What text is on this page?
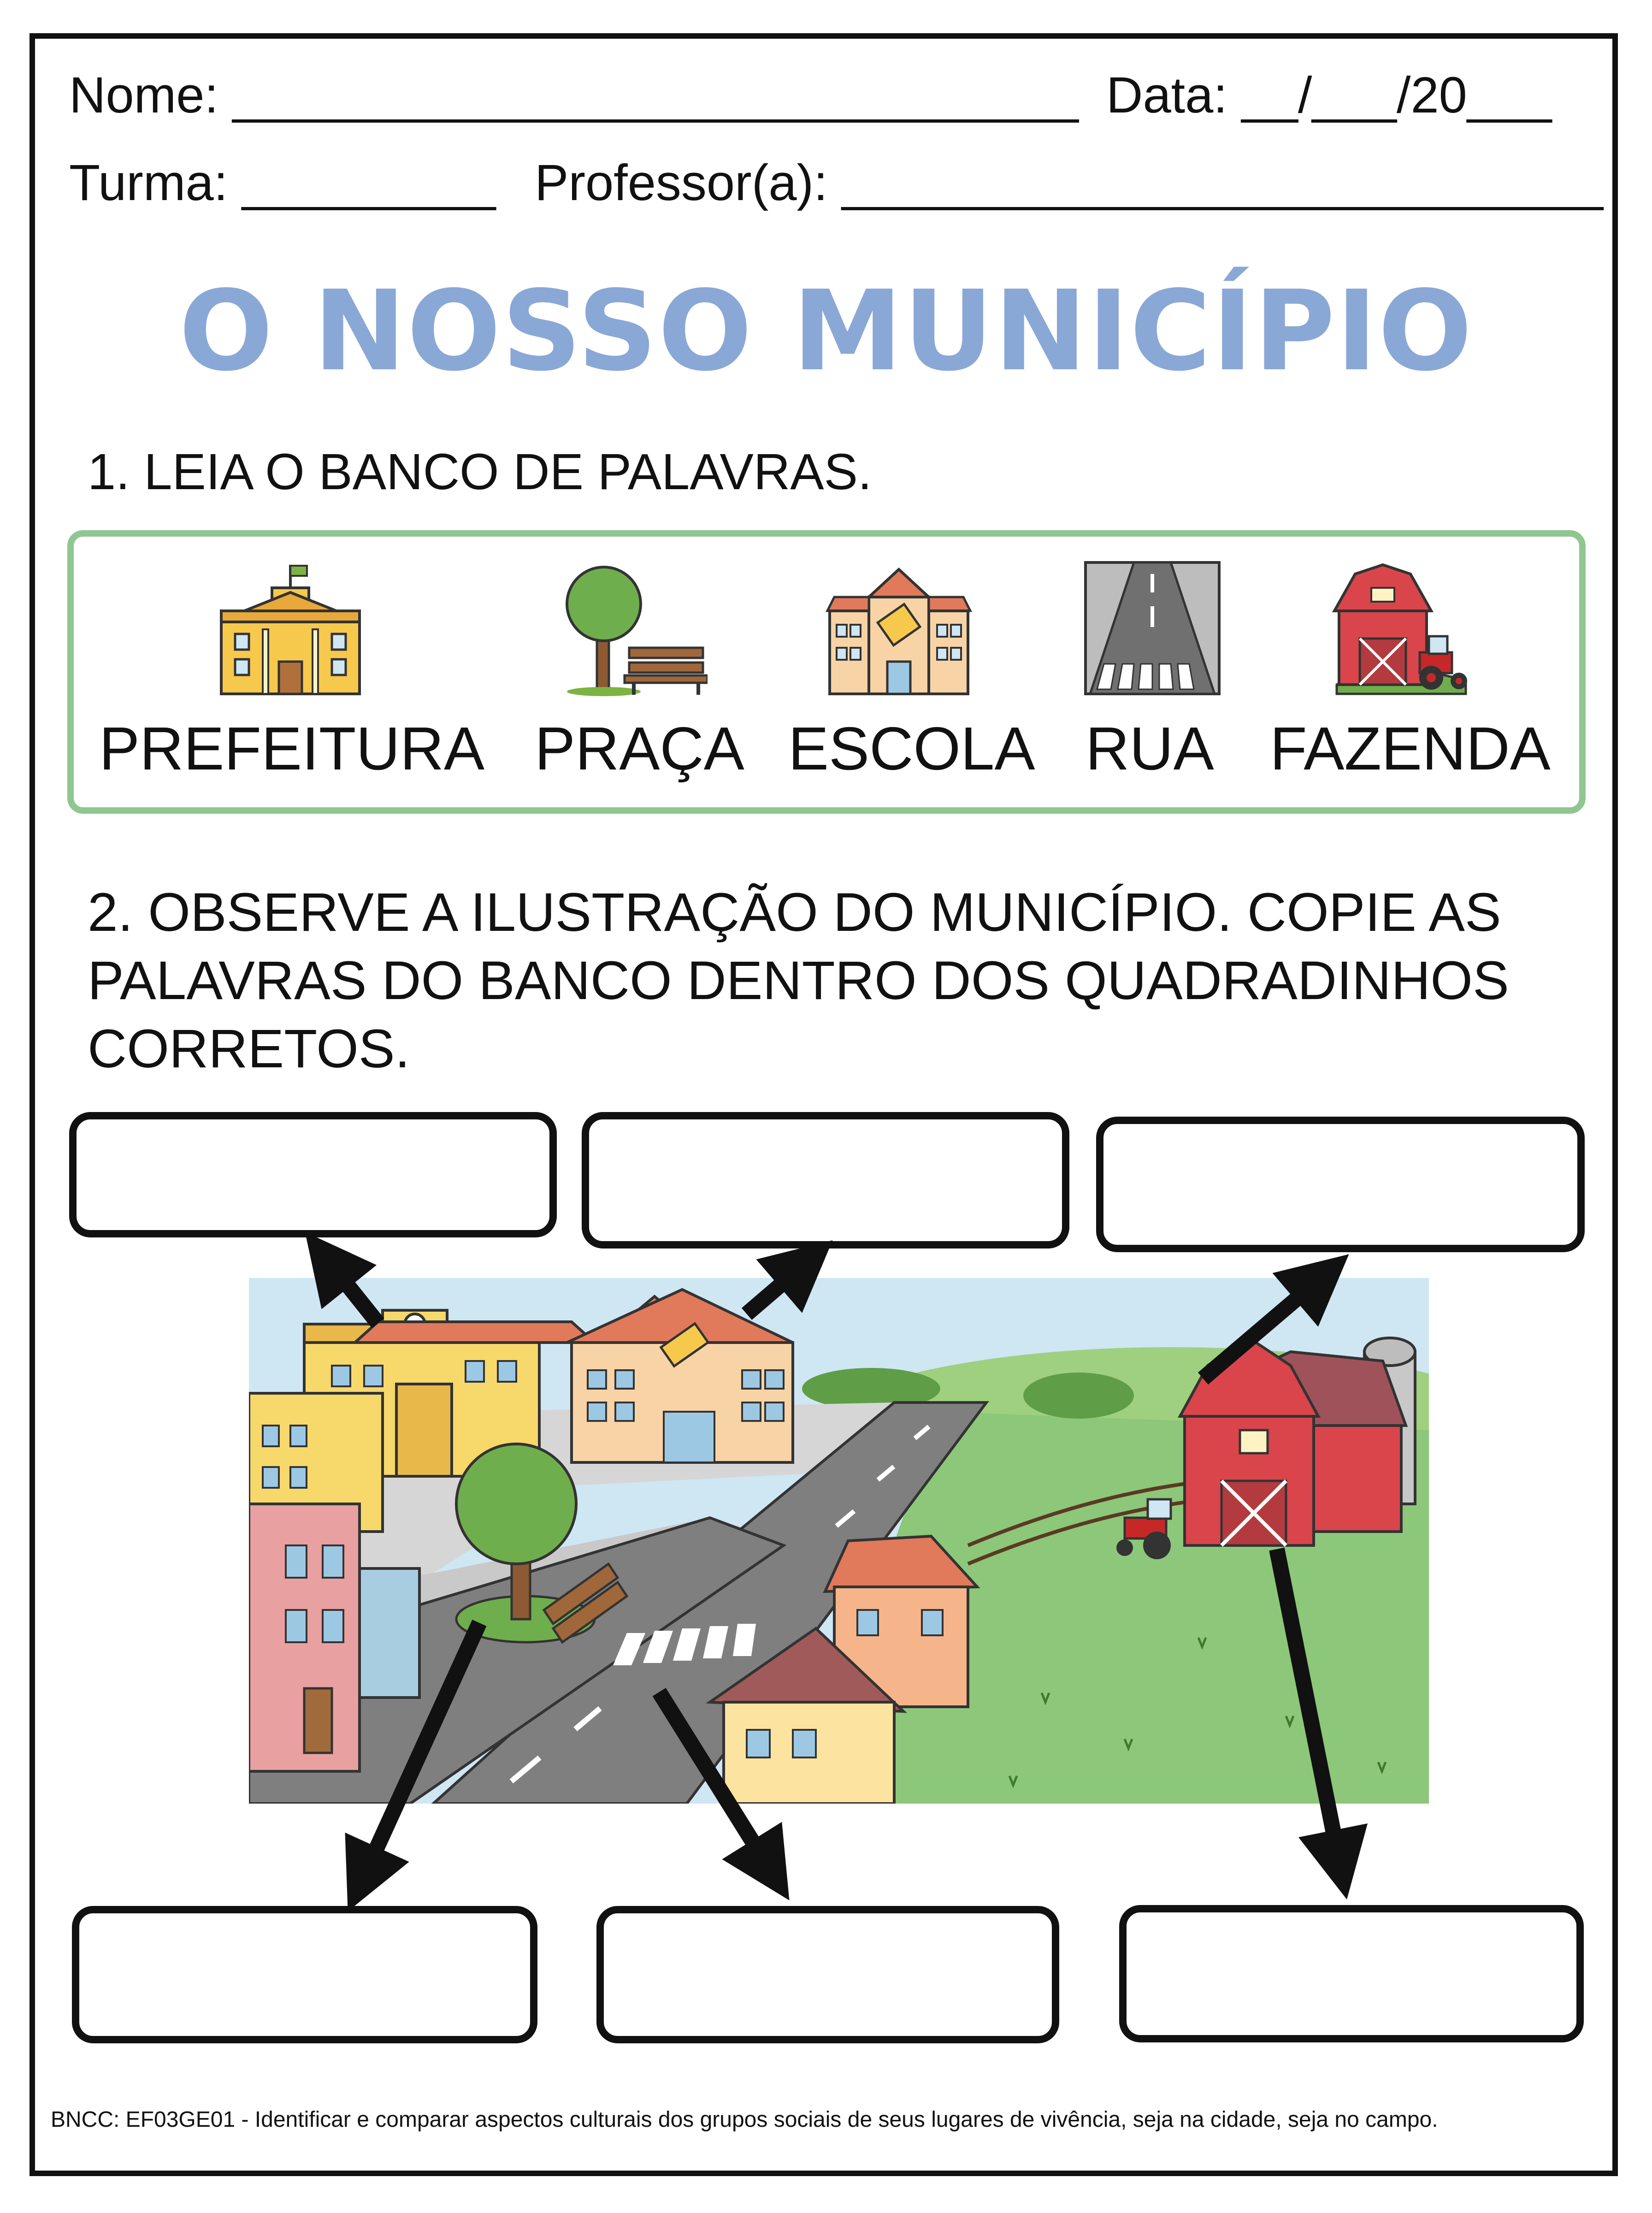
Nome: ______________________________ Data: __/___/20___
Turma: _________ Professor(a): ___________________________
O NOSSO MUNICÍPIO
1. LEIA O BANCO DE PALAVRAS.
PREFEITURA PRAÇA ESCOLA RUA FAZENDA
2. OBSERVE A ILUSTRAÇÃO DO MUNICÍPIO. COPIE AS PALAVRAS DO BANCO DENTRO DOS QUADRADINHOS CORRETOS.
BNCC: EF03GE01 - Identificar e comparar aspectos culturais dos grupos sociais de seus lugares de vivência, seja na cidade, seja no campo.
